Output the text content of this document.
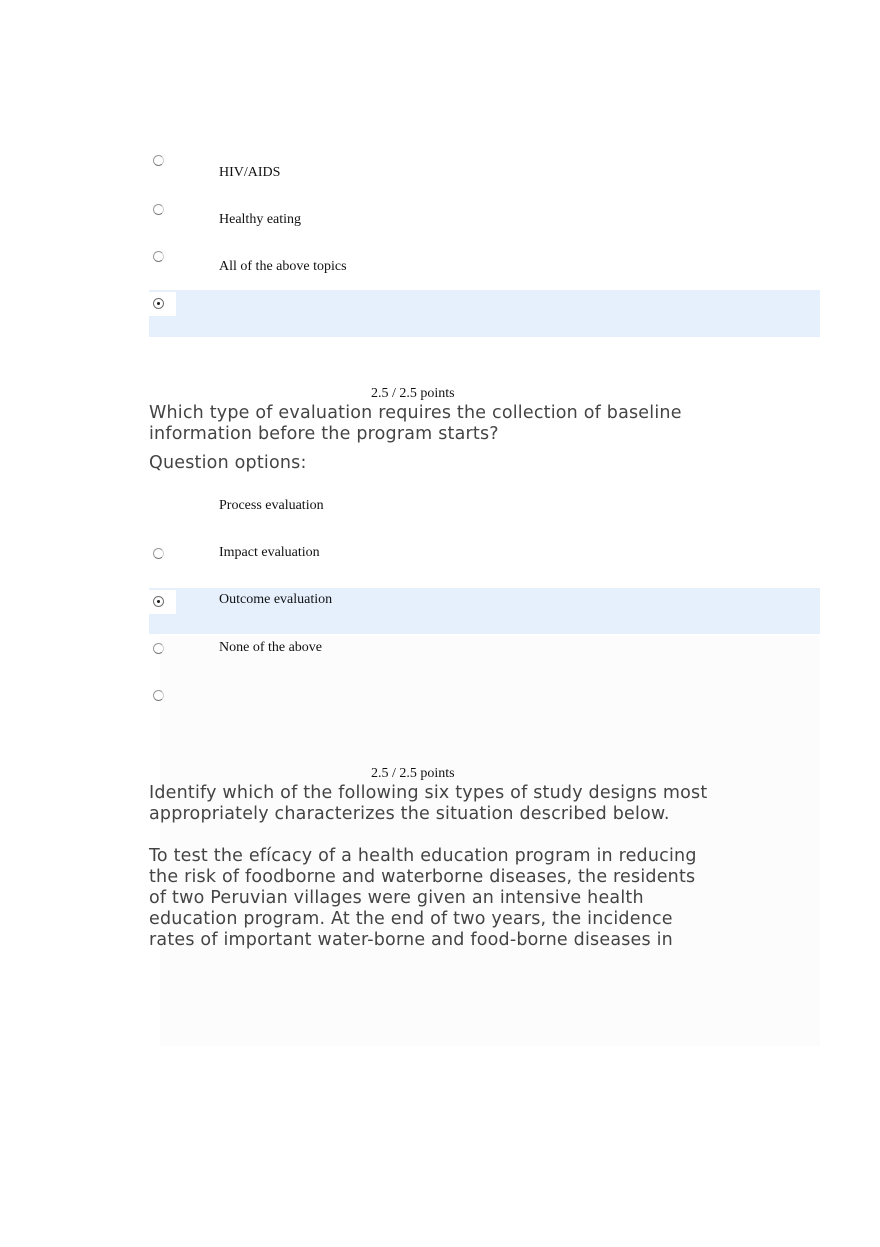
HIV/AIDS
Healthy eating
All of the above topics
2.5 / 2.5 points

Which type of evaluation requires the collection of baseline
information before the program starts?

Question options:

Process evaluation
Impact evaluation
Outcome evaluation
None of the above
2.5 / 2.5 points

Identify which of the following six types of study designs most
appropriately characterizes the situation described below.

To test the efícacy of a health education program in reducing
the risk of foodborne and waterborne diseases, the residents
of two Peruvian villages were given an intensive health
education program. At the end of two years, the incidence
rates of important water-borne and food-borne diseases in
